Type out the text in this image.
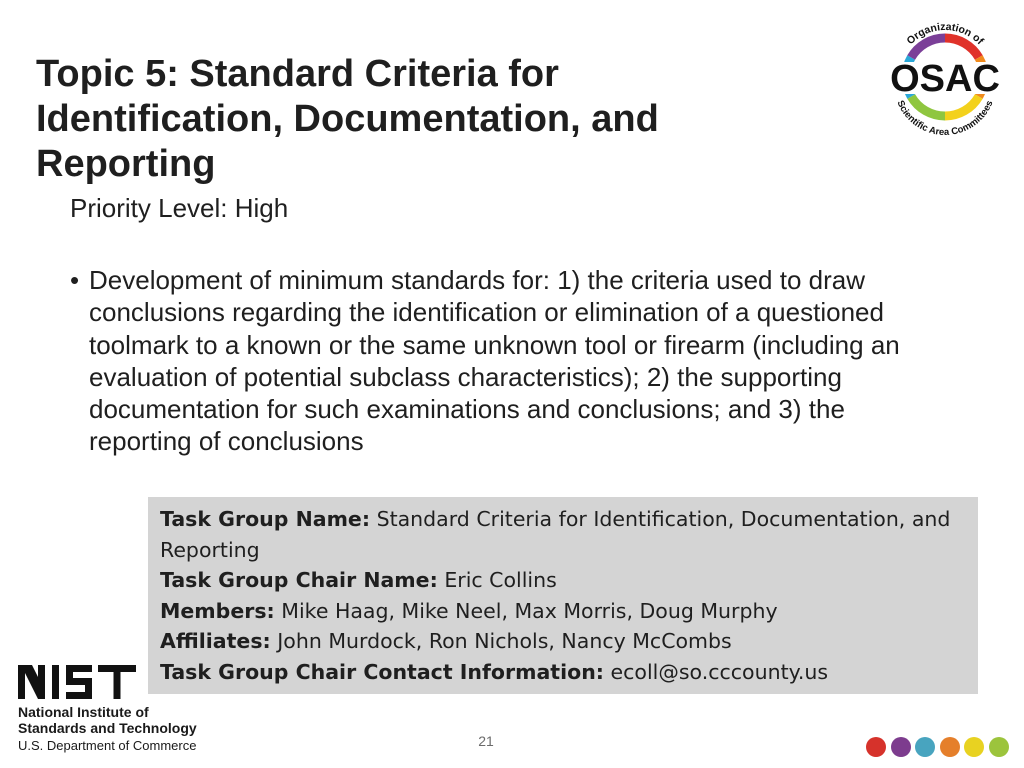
Topic 5: Standard Criteria for
Identification, Documentation, and
Reporting
Priority Level: High
• Development of minimum standards for: 1) the criteria used to draw conclusions regarding the identification or elimination of a questioned toolmark to a known or the same unknown tool or firearm (including an evaluation of potential subclass characteristics); 2) the supporting documentation for such examinations and conclusions; and 3) the reporting of conclusions
OSAC
Organization of
Scientific Area Committees
Task Group Name: Standard Criteria for Identification, Documentation, and Reporting
Task Group Chair Name: Eric Collins
Members: Mike Haag, Mike Neel, Max Morris, Doug Murphy
Affiliates: John Murdock, Ron Nichols, Nancy McCombs
Task Group Chair Contact Information: ecoll@so.cccounty.us
National Institute of
Standards and Technology
U.S. Department of Commerce	21
